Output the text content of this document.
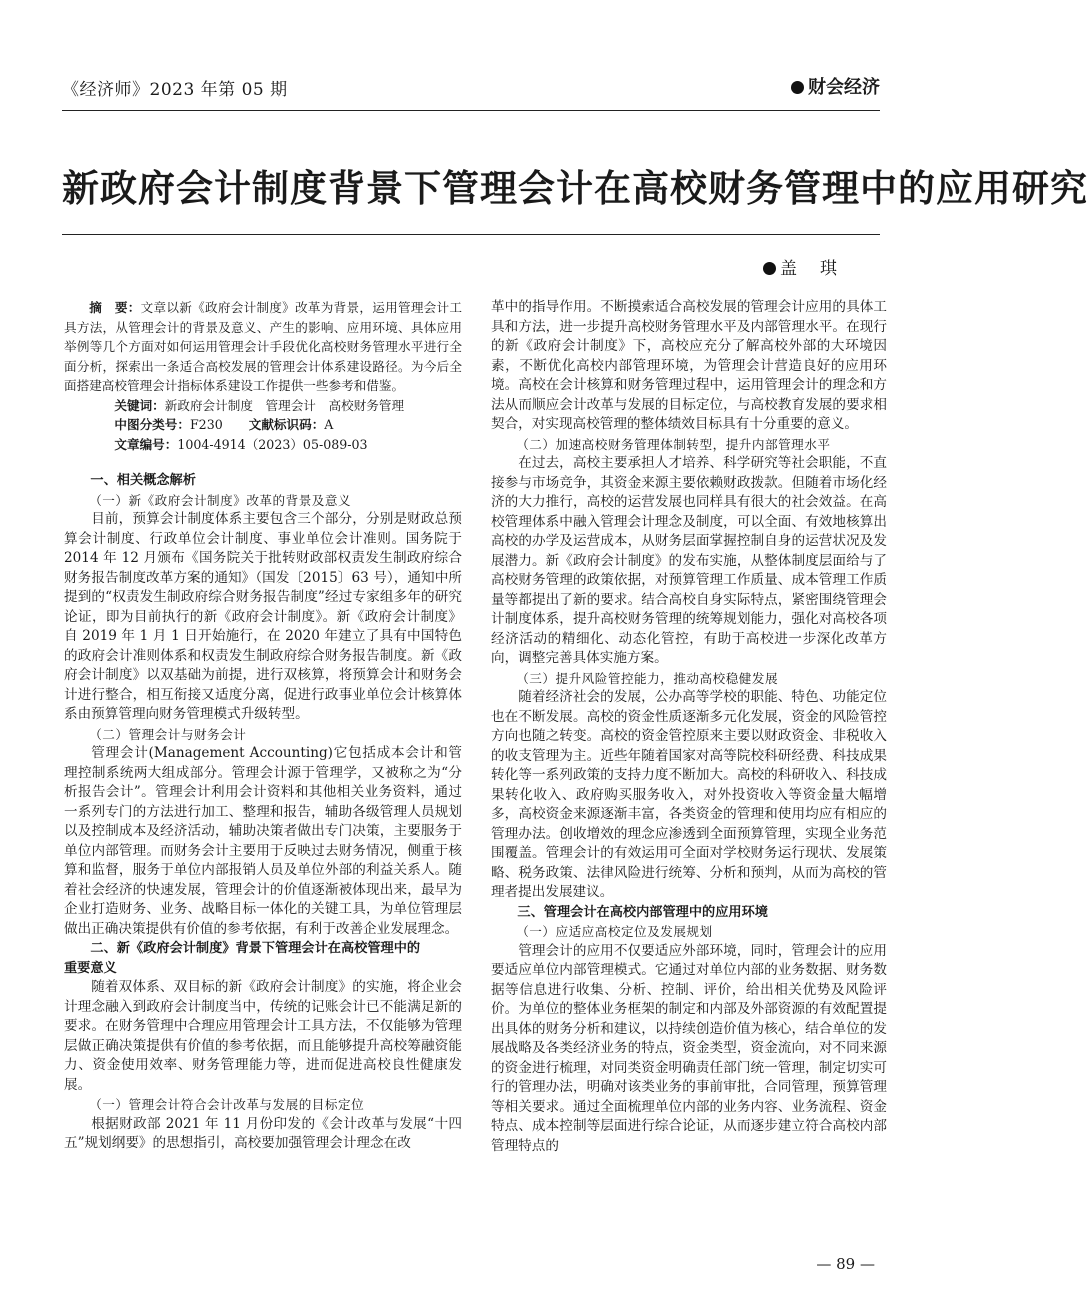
《经济师》2023 年第 05 期	财会经济
新政府会计制度背景下管理会计在高校财务管理中的应用研究
盖　琪

摘　要：文章以新《政府会计制度》改革为背景，运用管理会计工具方法，从管理会计的背景及意义、产生的影响、应用环境、具体应用举例等几个方面对如何运用管理会计手段优化高校财务管理水平进行全面分析，探索出一条适合高校发展的管理会计体系建设路径。为今后全面搭建高校管理会计指标体系建设工作提供一些参考和借鉴。

关键词：新政府会计制度　管理会计　高校财务管理

中图分类号：F230 文献标识码：A

文章编号：1004-4914（2023）05-089-03

一、相关概念解析

（一）新《政府会计制度》改革的背景及意义

目前，预算会计制度体系主要包含三个部分，分别是财政总预算会计制度、行政单位会计制度、事业单位会计准则。国务院于 2014 年 12 月颁布《国务院关于批转财政部权责发生制政府综合财务报告制度改革方案的通知》（国发〔2015〕63 号），通知中所提到的“权责发生制政府综合财务报告制度”经过专家组多年的研究论证，即为目前执行的新《政府会计制度》。新《政府会计制度》自 2019 年 1 月 1 日开始施行，在 2020 年建立了具有中国特色的政府会计准则体系和权责发生制政府综合财务报告制度。新《政府会计制度》以双基础为前提，进行双核算，将预算会计和财务会计进行整合，相互衔接又适度分离，促进行政事业单位会计核算体系由预算管理向财务管理模式升级转型。

（二）管理会计与财务会计

管理会计(Management Accounting)它包括成本会计和管理控制系统两大组成部分。管理会计源于管理学，又被称之为“分析报告会计”。管理会计利用会计资料和其他相关业务资料，通过一系列专门的方法进行加工、整理和报告，辅助各级管理人员规划以及控制成本及经济活动，辅助决策者做出专门决策，主要服务于单位内部管理。而财务会计主要用于反映过去财务情况，侧重于核算和监督，服务于单位内部报销人员及单位外部的利益关系人。随着社会经济的快速发展，管理会计的价值逐渐被体现出来，最早为企业打造财务、业务、战略目标一体化的关键工具，为单位管理层做出正确决策提供有价值的参考依据，有利于改善企业发展理念。

二、新《政府会计制度》背景下管理会计在高校管理中的

重要意义

随着双体系、双目标的新《政府会计制度》的实施，将企业会计理念融入到政府会计制度当中，传统的记账会计已不能满足新的要求。在财务管理中合理应用管理会计工具方法，不仅能够为管理层做正确决策提供有价值的参考依据，而且能够提升高校筹融资能力、资金使用效率、财务管理能力等，进而促进高校良性健康发展。

（一）管理会计符合会计改革与发展的目标定位

根据财政部 2021 年 11 月份印发的《会计改革与发展“十四五”规划纲要》的思想指引，高校要加强管理会计理念在改

革中的指导作用。不断摸索适合高校发展的管理会计应用的具体工具和方法，进一步提升高校财务管理水平及内部管理水平。在现行的新《政府会计制度》下，高校应充分了解高校外部的大环境因素，不断优化高校内部管理环境，为管理会计营造良好的应用环境。高校在会计核算和财务管理过程中，运用管理会计的理念和方法从而顺应会计改革与发展的目标定位，与高校教育发展的要求相契合，对实现高校管理的整体绩效目标具有十分重要的意义。

（二）加速高校财务管理体制转型，提升内部管理水平

在过去，高校主要承担人才培养、科学研究等社会职能，不直接参与市场竞争，其资金来源主要依赖财政拨款。但随着市场化经济的大力推行，高校的运营发展也同样具有很大的社会效益。在高校管理体系中融入管理会计理念及制度，可以全面、有效地核算出高校的办学及运营成本，从财务层面掌握控制自身的运营状况及发展潜力。新《政府会计制度》的发布实施，从整体制度层面给与了高校财务管理的政策依据，对预算管理工作质量、成本管理工作质量等都提出了新的要求。结合高校自身实际特点，紧密围绕管理会计制度体系，提升高校财务管理的统筹规划能力，强化对高校各项经济活动的精细化、动态化管控，有助于高校进一步深化改革方向，调整完善具体实施方案。

（三）提升风险管控能力，推动高校稳健发展

随着经济社会的发展，公办高等学校的职能、特色、功能定位也在不断发展。高校的资金性质逐渐多元化发展，资金的风险管控方向也随之转变。高校的资金管控原来主要以财政资金、非税收入的收支管理为主。近些年随着国家对高等院校科研经费、科技成果转化等一系列政策的支持力度不断加大。高校的科研收入、科技成果转化收入、政府购买服务收入，对外投资收入等资金量大幅增多，高校资金来源逐渐丰富，各类资金的管理和使用均应有相应的管理办法。创收增效的理念应渗透到全面预算管理，实现全业务范围覆盖。管理会计的有效运用可全面对学校财务运行现状、发展策略、税务政策、法律风险进行统筹、分析和预判，从而为高校的管理者提出发展建议。

三、管理会计在高校内部管理中的应用环境

（一）应适应高校定位及发展规划

管理会计的应用不仅要适应外部环境，同时，管理会计的应用要适应单位内部管理模式。它通过对单位内部的业务数据、财务数据等信息进行收集、分析、控制、评价，给出相关优势及风险评价。为单位的整体业务框架的制定和内部及外部资源的有效配置提出具体的财务分析和建议，以持续创造价值为核心，结合单位的发展战略及各类经济业务的特点，资金类型，资金流向，对不同来源的资金进行梳理，对同类资金明确责任部门统一管理，制定切实可行的管理办法，明确对该类业务的事前审批，合同管理，预算管理等相关要求。通过全面梳理单位内部的业务内容、业务流程、资金特点、成本控制等层面进行综合论证，从而逐步建立符合高校内部管理特点的

— 89 —
